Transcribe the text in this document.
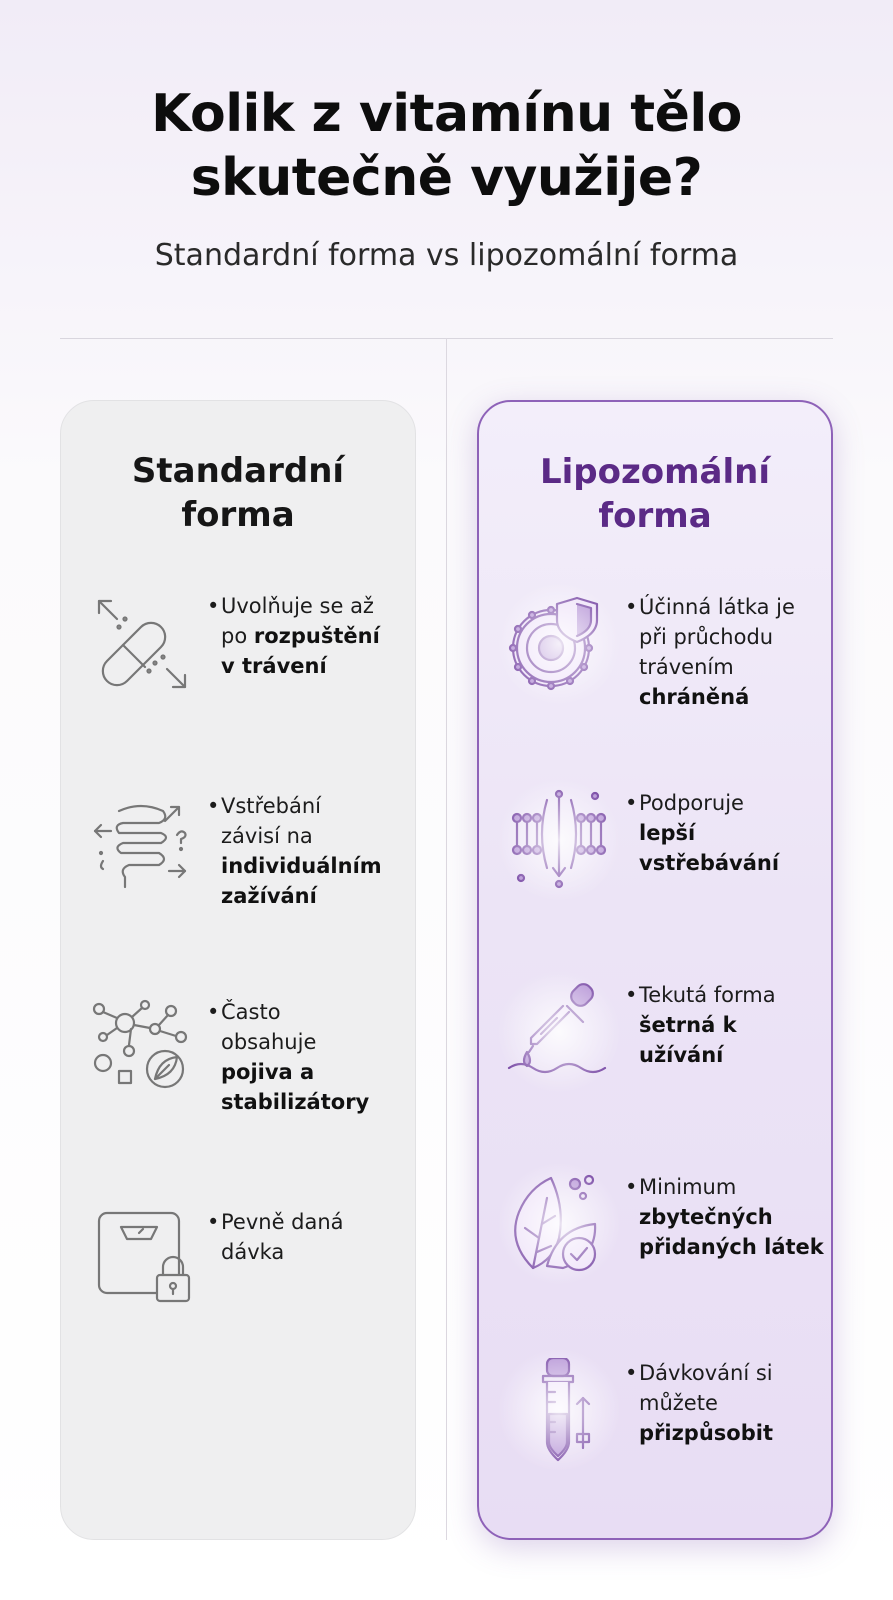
Kolik z vitamínu tělo
skutečně využije?
Standardní forma vs lipozomální forma
Standardní
forma
•Uvolňuje se až
po rozpuštění
v trávení
•Vstřebání
závisí na
individuálním
zažívání
•Často
obsahuje
pojiva a
stabilizátory
•Pevně daná
dávka
Lipozomální
forma
•Účinná látka je
při průchodu
trávením
chráněná
•Podporuje
lepší
vstřebávání
•Tekutá forma
šetrná k
užívání
•Minimum
zbytečných
přidaných látek
•Dávkování si
můžete
přizpůsobit
